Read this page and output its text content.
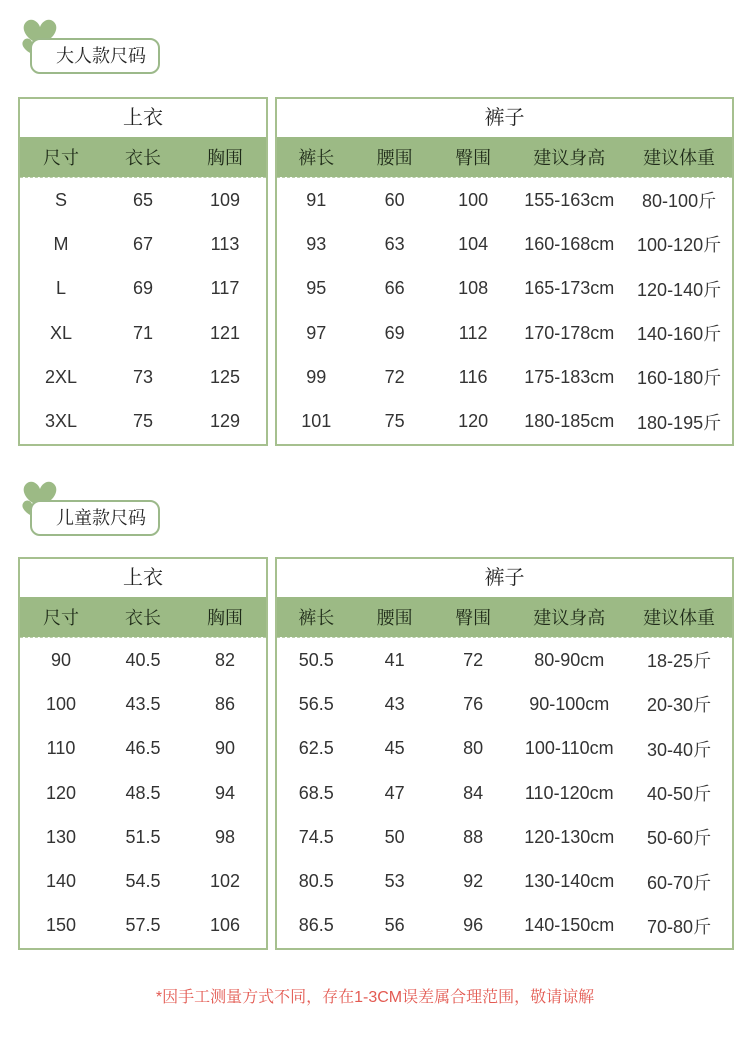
大人款尺码
上衣
尺寸	衣长	胸围
S	65	109
M	67	113
L	69	117
XL	71	121
2XL	73	125
3XL	75	129
裤子
裤长	腰围	臀围	建议身高	建议体重
91	60	100	155-163cm	80-100斤
93	63	104	160-168cm	100-120斤
95	66	108	165-173cm	120-140斤
97	69	112	170-178cm	140-160斤
99	72	116	175-183cm	160-180斤
101	75	120	180-185cm	180-195斤
儿童款尺码
上衣
尺寸	衣长	胸围
90	40.5	82
100	43.5	86
110	46.5	90
120	48.5	94
130	51.5	98
140	54.5	102
150	57.5	106
裤子
裤长	腰围	臀围	建议身高	建议体重
50.5	41	72	80-90cm	18-25斤
56.5	43	76	90-100cm	20-30斤
62.5	45	80	100-110cm	30-40斤
68.5	47	84	110-120cm	40-50斤
74.5	50	88	120-130cm	50-60斤
80.5	53	92	130-140cm	60-70斤
86.5	56	96	140-150cm	70-80斤
*因手工测量方式不同，存在1-3CM误差属合理范围，敬请谅解
